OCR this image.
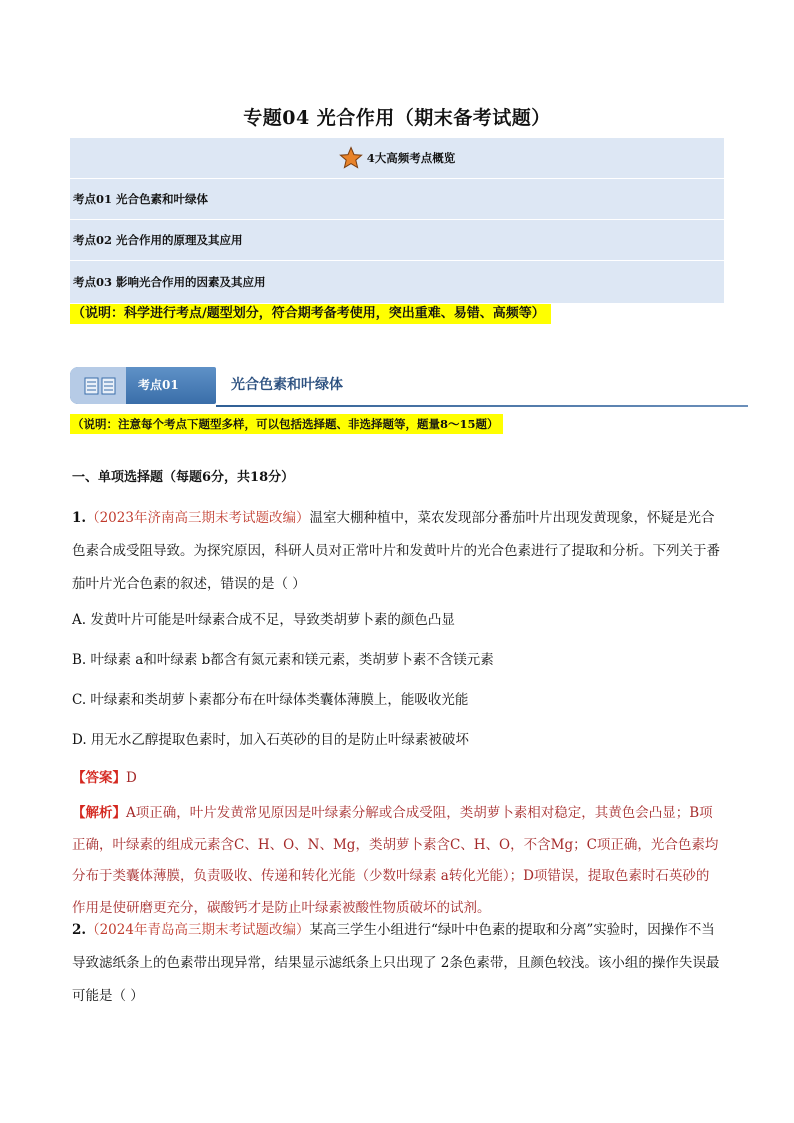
专题04 光合作用（期末备考试题）
4大高频考点概览
考点01 光合色素和叶绿体
考点02 光合作用的原理及其应用
考点03 影响光合作用的因素及其应用
（说明：科学进行考点/题型划分，符合期考备考使用，突出重难、易错、高频等）
考点01	光合色素和叶绿体
（说明：注意每个考点下题型多样，可以包括选择题、非选择题等，题量8～15题）
一、单项选择题（每题6分，共18分）
1.（2023年济南高三期末考试题改编）温室大棚种植中，菜农发现部分番茄叶片出现发黄现象，怀疑是光合色素合成受阻导致。为探究原因，科研人员对正常叶片和发黄叶片的光合色素进行了提取和分析。下列关于番茄叶片光合色素的叙述，错误的是（ ）
A. 发黄叶片可能是叶绿素合成不足，导致类胡萝卜素的颜色凸显
B. 叶绿素 a和叶绿素 b都含有氮元素和镁元素，类胡萝卜素不含镁元素
C. 叶绿素和类胡萝卜素都分布在叶绿体类囊体薄膜上，能吸收光能
D. 用无水乙醇提取色素时，加入石英砂的目的是防止叶绿素被破坏
【答案】D
【解析】A项正确，叶片发黄常见原因是叶绿素分解或合成受阻，类胡萝卜素相对稳定，其黄色会凸显；B项正确，叶绿素的组成元素含C、H、O、N、Mg，类胡萝卜素含C、H、O，不含Mg；C项正确，光合色素均分布于类囊体薄膜，负责吸收、传递和转化光能（少数叶绿素 a转化光能）；D项错误，提取色素时石英砂的作用是使研磨更充分，碳酸钙才是防止叶绿素被酸性物质破坏的试剂。
2.（2024年青岛高三期末考试题改编）某高三学生小组进行“绿叶中色素的提取和分离”实验时，因操作不当导致滤纸条上的色素带出现异常，结果显示滤纸条上只出现了 2条色素带，且颜色较浅。该小组的操作失误最可能是（ ）
